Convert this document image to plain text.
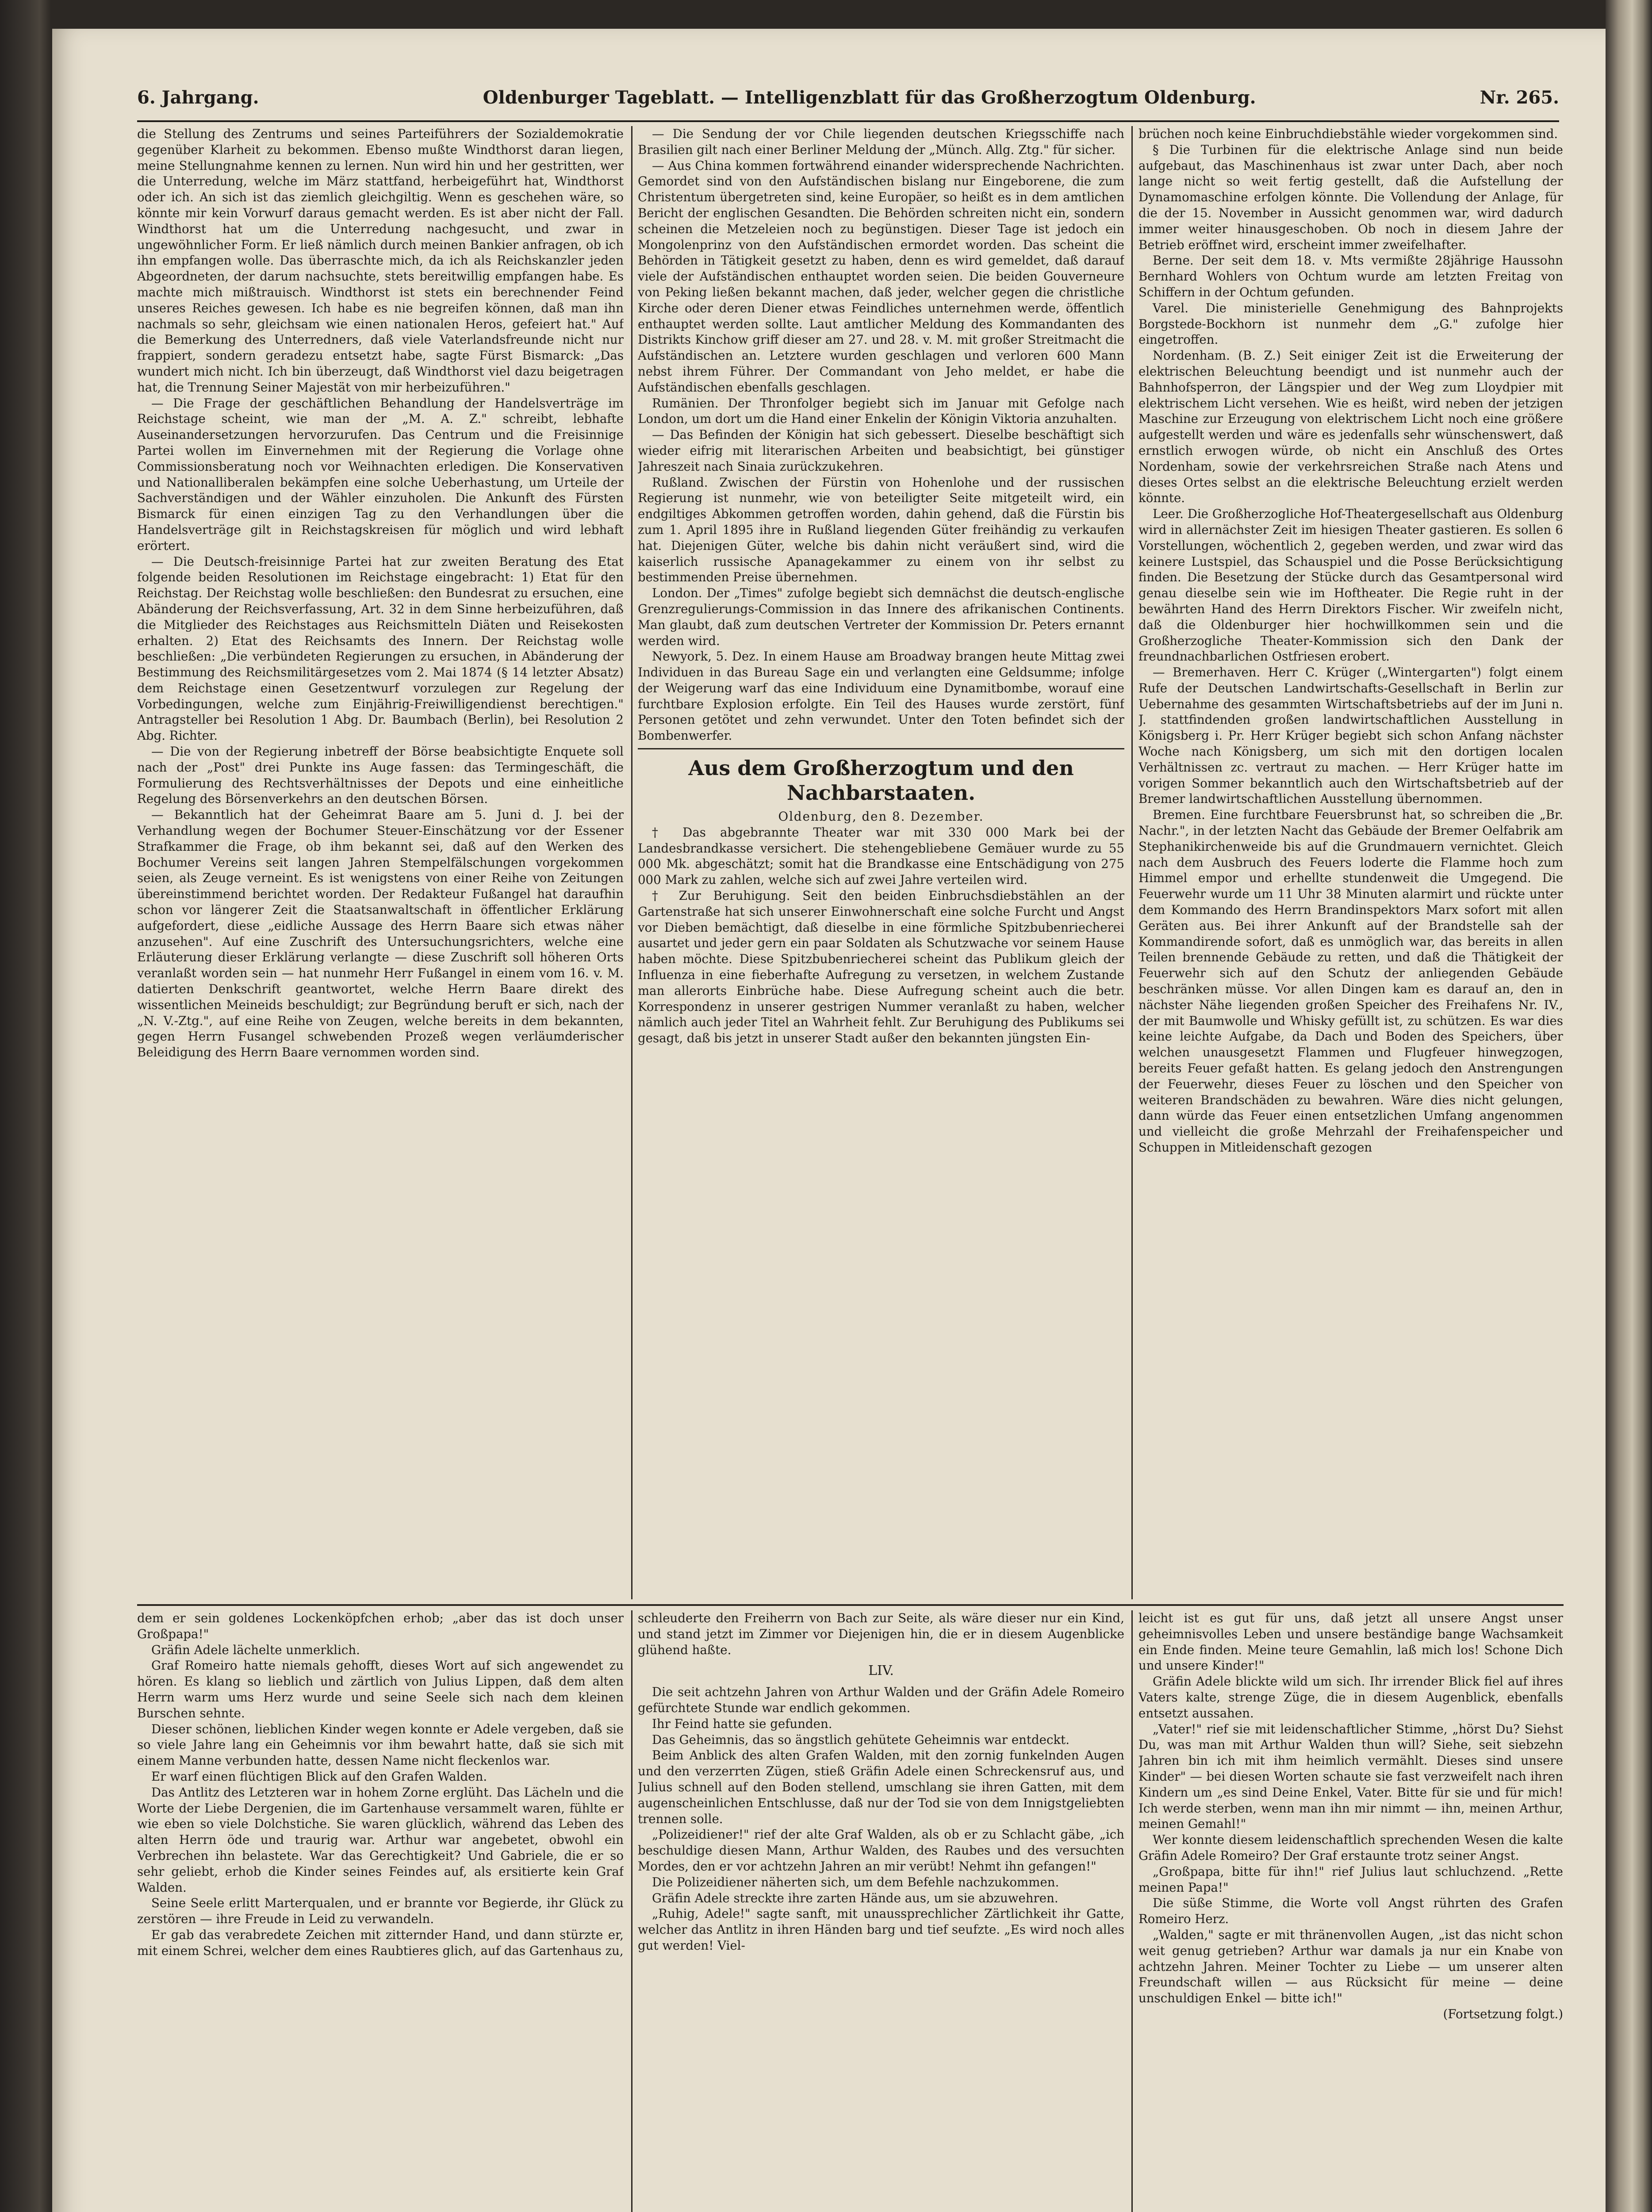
6. Jahrgang.	Oldenburger Tageblatt. — Intelligenzblatt für das Großherzogtum Oldenburg.	Nr. 265.

die Stellung des Zentrums und seines Parteiführers der Sozialdemokratie gegenüber Klarheit zu bekommen. Ebenso mußte Windthorst daran liegen, meine Stellungnahme kennen zu lernen. Nun wird hin und her gestritten, wer die Unterredung, welche im März stattfand, herbeigeführt hat, Windthorst oder ich. An sich ist das ziemlich gleichgiltig. Wenn es geschehen wäre, so könnte mir kein Vorwurf daraus gemacht werden. Es ist aber nicht der Fall. Windthorst hat um die Unterredung nachgesucht, und zwar in ungewöhnlicher Form. Er ließ nämlich durch meinen Bankier anfragen, ob ich ihn empfangen wolle. Das überraschte mich, da ich als Reichskanzler jeden Abgeordneten, der darum nachsuchte, stets bereitwillig empfangen habe. Es machte mich mißtrauisch. Windthorst ist stets ein berechnender Feind unseres Reiches gewesen. Ich habe es nie begreifen können, daß man ihn nachmals so sehr, gleichsam wie einen nationalen Heros, gefeiert hat." Auf die Bemerkung des Unterredners, daß viele Vaterlandsfreunde nicht nur frappiert, sondern geradezu entsetzt habe, sagte Fürst Bismarck: „Das wundert mich nicht. Ich bin überzeugt, daß Windthorst viel dazu beigetragen hat, die Trennung Seiner Majestät von mir herbeizuführen."

— Die Frage der geschäftlichen Behandlung der Handelsverträge im Reichstage scheint, wie man der „M. A. Z." schreibt, lebhafte Auseinandersetzungen hervorzurufen. Das Centrum und die Freisinnige Partei wollen im Einvernehmen mit der Regierung die Vorlage ohne Commissionsberatung noch vor Weihnachten erledigen. Die Konservativen und Nationalliberalen bekämpfen eine solche Ueberhastung, um Urteile der Sachverständigen und der Wähler einzuholen. Die Ankunft des Fürsten Bismarck für einen einzigen Tag zu den Verhandlungen über die Handelsverträge gilt in Reichstagskreisen für möglich und wird lebhaft erörtert.

— Die Deutsch-freisinnige Partei hat zur zweiten Beratung des Etat folgende beiden Resolutionen im Reichstage eingebracht: 1) Etat für den Reichstag. Der Reichstag wolle beschließen: den Bundesrat zu ersuchen, eine Abänderung der Reichsverfassung, Art. 32 in dem Sinne herbeizuführen, daß die Mitglieder des Reichstages aus Reichsmitteln Diäten und Reisekosten erhalten. 2) Etat des Reichsamts des Innern. Der Reichstag wolle beschließen: „Die verbündeten Regierungen zu ersuchen, in Abänderung der Bestimmung des Reichsmilitärgesetzes vom 2. Mai 1874 (§ 14 letzter Absatz) dem Reichstage einen Gesetzentwurf vorzulegen zur Regelung der Vorbedingungen, welche zum Einjährig-Freiwilligendienst berechtigen." Antragsteller bei Resolution 1 Abg. Dr. Baumbach (Berlin), bei Resolution 2 Abg. Richter.

— Die von der Regierung inbetreff der Börse beabsichtigte Enquete soll nach der „Post" drei Punkte ins Auge fassen: das Termingeschäft, die Formulierung des Rechtsverhältnisses der Depots und eine einheitliche Regelung des Börsenverkehrs an den deutschen Börsen.

— Bekanntlich hat der Geheimrat Baare am 5. Juni d. J. bei der Verhandlung wegen der Bochumer Steuer-Einschätzung vor der Essener Strafkammer die Frage, ob ihm bekannt sei, daß auf den Werken des Bochumer Vereins seit langen Jahren Stempelfälschungen vorgekommen seien, als Zeuge verneint. Es ist wenigstens von einer Reihe von Zeitungen übereinstimmend berichtet worden. Der Redakteur Fußangel hat daraufhin schon vor längerer Zeit die Staatsanwaltschaft in öffentlicher Erklärung aufgefordert, diese „eidliche Aussage des Herrn Baare sich etwas näher anzusehen". Auf eine Zuschrift des Untersuchungsrichters, welche eine Erläuterung dieser Erklärung verlangte — diese Zuschrift soll höheren Orts veranlaßt worden sein — hat nunmehr Herr Fußangel in einem vom 16. v. M. datierten Denkschrift geantwortet, welche Herrn Baare direkt des wissentlichen Meineids beschuldigt; zur Begründung beruft er sich, nach der „N. V.-Ztg.", auf eine Reihe von Zeugen, welche bereits in dem bekannten, gegen Herrn Fusangel schwebenden Prozeß wegen verläumderischer Beleidigung des Herrn Baare vernommen worden sind.

— Die Sendung der vor Chile liegenden deutschen Kriegsschiffe nach Brasilien gilt nach einer Berliner Meldung der „Münch. Allg. Ztg." für sicher.

— Aus China kommen fortwährend einander widersprechende Nachrichten. Gemordet sind von den Aufständischen bislang nur Eingeborene, die zum Christentum übergetreten sind, keine Europäer, so heißt es in dem amtlichen Bericht der englischen Gesandten. Die Behörden schreiten nicht ein, sondern scheinen die Metzeleien noch zu begünstigen. Dieser Tage ist jedoch ein Mongolenprinz von den Aufständischen ermordet worden. Das scheint die Behörden in Tätigkeit gesetzt zu haben, denn es wird gemeldet, daß darauf viele der Aufständischen enthauptet worden seien. Die beiden Gouverneure von Peking ließen bekannt machen, daß jeder, welcher gegen die christliche Kirche oder deren Diener etwas Feindliches unternehmen werde, öffentlich enthauptet werden sollte. Laut amtlicher Meldung des Kommandanten des Distrikts Kinchow griff dieser am 27. und 28. v. M. mit großer Streitmacht die Aufständischen an. Letztere wurden geschlagen und verloren 600 Mann nebst ihrem Führer. Der Commandant von Jeho meldet, er habe die Aufständischen ebenfalls geschlagen.

Rumänien. Der Thronfolger begiebt sich im Januar mit Gefolge nach London, um dort um die Hand einer Enkelin der Königin Viktoria anzuhalten.

— Das Befinden der Königin hat sich gebessert. Dieselbe beschäftigt sich wieder eifrig mit literarischen Arbeiten und beabsichtigt, bei günstiger Jahreszeit nach Sinaia zurückzukehren.

Rußland. Zwischen der Fürstin von Hohenlohe und der russischen Regierung ist nunmehr, wie von beteiligter Seite mitgeteilt wird, ein endgiltiges Abkommen getroffen worden, dahin gehend, daß die Fürstin bis zum 1. April 1895 ihre in Rußland liegenden Güter freihändig zu verkaufen hat. Diejenigen Güter, welche bis dahin nicht veräußert sind, wird die kaiserlich russische Apanagekammer zu einem von ihr selbst zu bestimmenden Preise übernehmen.

London. Der „Times" zufolge begiebt sich demnächst die deutsch-englische Grenzregulierungs-Commission in das Innere des afrikanischen Continents. Man glaubt, daß zum deutschen Vertreter der Kommission Dr. Peters ernannt werden wird.

Newyork, 5. Dez. In einem Hause am Broadway brangen heute Mittag zwei Individuen in das Bureau Sage ein und verlangten eine Geldsumme; infolge der Weigerung warf das eine Individuum eine Dynamitbombe, worauf eine furchtbare Explosion erfolgte. Ein Teil des Hauses wurde zerstört, fünf Personen getötet und zehn verwundet. Unter den Toten befindet sich der Bombenwerfer.

Aus dem Großherzogtum und den Nachbarstaaten.

Oldenburg, den 8. Dezember.

† Das abgebrannte Theater war mit 330 000 Mark bei der Landesbrandkasse versichert. Die stehengebliebene Gemäuer wurde zu 55 000 Mk. abgeschätzt; somit hat die Brandkasse eine Entschädigung von 275 000 Mark zu zahlen, welche sich auf zwei Jahre verteilen wird.

† Zur Beruhigung. Seit den beiden Einbruchsdiebstählen an der Gartenstraße hat sich unserer Einwohnerschaft eine solche Furcht und Angst vor Dieben bemächtigt, daß dieselbe in eine förmliche Spitzbubenriecherei ausartet und jeder gern ein paar Soldaten als Schutzwache vor seinem Hause haben möchte. Diese Spitzbubenriecherei scheint das Publikum gleich der Influenza in eine fieberhafte Aufregung zu versetzen, in welchem Zustande man allerorts Einbrüche habe. Diese Aufregung scheint auch die betr. Korrespondenz in unserer gestrigen Nummer veranlaßt zu haben, welcher nämlich auch jeder Titel an Wahrheit fehlt. Zur Beruhigung des Publikums sei gesagt, daß bis jetzt in unserer Stadt außer den bekannten jüngsten Ein-

brüchen noch keine Einbruchdiebstähle wieder vorgekommen sind.

§ Die Turbinen für die elektrische Anlage sind nun beide aufgebaut, das Maschinenhaus ist zwar unter Dach, aber noch lange nicht so weit fertig gestellt, daß die Aufstellung der Dynamomaschine erfolgen könnte. Die Vollendung der Anlage, für die der 15. November in Aussicht genommen war, wird dadurch immer weiter hinausgeschoben. Ob noch in diesem Jahre der Betrieb eröffnet wird, erscheint immer zweifelhafter.

Berne. Der seit dem 18. v. Mts vermißte 28jährige Haussohn Bernhard Wohlers von Ochtum wurde am letzten Freitag von Schiffern in der Ochtum gefunden.

Varel. Die ministerielle Genehmigung des Bahnprojekts Borgstede-Bockhorn ist nunmehr dem „G." zufolge hier eingetroffen.

Nordenham. (B. Z.) Seit einiger Zeit ist die Erweiterung der elektrischen Beleuchtung beendigt und ist nunmehr auch der Bahnhofsperron, der Längspier und der Weg zum Lloydpier mit elektrischem Licht versehen. Wie es heißt, wird neben der jetzigen Maschine zur Erzeugung von elektrischem Licht noch eine größere aufgestellt werden und wäre es jedenfalls sehr wünschenswert, daß ernstlich erwogen würde, ob nicht ein Anschluß des Ortes Nordenham, sowie der verkehrsreichen Straße nach Atens und dieses Ortes selbst an die elektrische Beleuchtung erzielt werden könnte.

Leer. Die Großherzogliche Hof-Theatergesellschaft aus Oldenburg wird in allernächster Zeit im hiesigen Theater gastieren. Es sollen 6 Vorstellungen, wöchentlich 2, gegeben werden, und zwar wird das keinere Lustspiel, das Schauspiel und die Posse Berücksichtigung finden. Die Besetzung der Stücke durch das Gesamtpersonal wird genau dieselbe sein wie im Hoftheater. Die Regie ruht in der bewährten Hand des Herrn Direktors Fischer. Wir zweifeln nicht, daß die Oldenburger hier hochwillkommen sein und die Großherzogliche Theater-Kommission sich den Dank der freundnachbarlichen Ostfriesen erobert.

— Bremerhaven. Herr C. Krüger („Wintergarten") folgt einem Rufe der Deutschen Landwirtschafts-Gesellschaft in Berlin zur Uebernahme des gesammten Wirtschaftsbetriebs auf der im Juni n. J. stattfindenden großen landwirtschaftlichen Ausstellung in Königsberg i. Pr. Herr Krüger begiebt sich schon Anfang nächster Woche nach Königsberg, um sich mit den dortigen localen Verhältnissen zc. vertraut zu machen. — Herr Krüger hatte im vorigen Sommer bekanntlich auch den Wirtschaftsbetrieb auf der Bremer landwirtschaftlichen Ausstellung übernommen.

Bremen. Eine furchtbare Feuersbrunst hat, so schreiben die „Br. Nachr.", in der letzten Nacht das Gebäude der Bremer Oelfabrik am Stephanikirchenweide bis auf die Grundmauern vernichtet. Gleich nach dem Ausbruch des Feuers loderte die Flamme hoch zum Himmel empor und erhellte stundenweit die Umgegend. Die Feuerwehr wurde um 11 Uhr 38 Minuten alarmirt und rückte unter dem Kommando des Herrn Brandinspektors Marx sofort mit allen Geräten aus. Bei ihrer Ankunft auf der Brandstelle sah der Kommandirende sofort, daß es unmöglich war, das bereits in allen Teilen brennende Gebäude zu retten, und daß die Thätigkeit der Feuerwehr sich auf den Schutz der anliegenden Gebäude beschränken müsse. Vor allen Dingen kam es darauf an, den in nächster Nähe liegenden großen Speicher des Freihafens Nr. IV., der mit Baumwolle und Whisky gefüllt ist, zu schützen. Es war dies keine leichte Aufgabe, da Dach und Boden des Speichers, über welchen unausgesetzt Flammen und Flugfeuer hinwegzogen, bereits Feuer gefaßt hatten. Es gelang jedoch den Anstrengungen der Feuerwehr, dieses Feuer zu löschen und den Speicher von weiteren Brandschäden zu bewahren. Wäre dies nicht gelungen, dann würde das Feuer einen entsetzlichen Umfang angenommen und vielleicht die große Mehrzahl der Freihafenspeicher und Schuppen in Mitleidenschaft gezogen

dem er sein goldenes Lockenköpfchen erhob; „aber das ist doch unser Großpapa!"

Gräfin Adele lächelte unmerklich.

Graf Romeiro hatte niemals gehofft, dieses Wort auf sich angewendet zu hören. Es klang so lieblich und zärtlich von Julius Lippen, daß dem alten Herrn warm ums Herz wurde und seine Seele sich nach dem kleinen Burschen sehnte.

Dieser schönen, lieblichen Kinder wegen konnte er Adele vergeben, daß sie so viele Jahre lang ein Geheimnis vor ihm bewahrt hatte, daß sie sich mit einem Manne verbunden hatte, dessen Name nicht fleckenlos war.

Er warf einen flüchtigen Blick auf den Grafen Walden.

Das Antlitz des Letzteren war in hohem Zorne erglüht. Das Lächeln und die Worte der Liebe Dergenien, die im Gartenhause versammelt waren, fühlte er wie eben so viele Dolchstiche. Sie waren glücklich, während das Leben des alten Herrn öde und traurig war. Arthur war angebetet, obwohl ein Verbrechen ihn belastete. War das Gerechtigkeit? Und Gabriele, die er so sehr geliebt, erhob die Kinder seines Feindes auf, als ersitierte kein Graf Walden.

Seine Seele erlitt Marterqualen, und er brannte vor Begierde, ihr Glück zu zerstören — ihre Freude in Leid zu verwandeln.

Er gab das verabredete Zeichen mit zitternder Hand, und dann stürzte er, mit einem Schrei, welcher dem eines Raubtieres glich, auf das Gartenhaus zu,

schleuderte den Freiherrn von Bach zur Seite, als wäre dieser nur ein Kind, und stand jetzt im Zimmer vor Diejenigen hin, die er in diesem Augenblicke glühend haßte.

LIV.

Die seit achtzehn Jahren von Arthur Walden und der Gräfin Adele Romeiro gefürchtete Stunde war endlich gekommen.

Ihr Feind hatte sie gefunden.

Das Geheimnis, das so ängstlich gehütete Geheimnis war entdeckt.

Beim Anblick des alten Grafen Walden, mit den zornig funkelnden Augen und den verzerrten Zügen, stieß Gräfin Adele einen Schreckensruf aus, und Julius schnell auf den Boden stellend, umschlang sie ihren Gatten, mit dem augenscheinlichen Entschlusse, daß nur der Tod sie von dem Innigstgeliebten trennen solle.

„Polizeidiener!" rief der alte Graf Walden, als ob er zu Schlacht gäbe, „ich beschuldige diesen Mann, Arthur Walden, des Raubes und des versuchten Mordes, den er vor achtzehn Jahren an mir verübt! Nehmt ihn gefangen!"

Die Polizeidiener näherten sich, um dem Befehle nachzukommen.

Gräfin Adele streckte ihre zarten Hände aus, um sie abzuwehren.

„Ruhig, Adele!" sagte sanft, mit unaussprechlicher Zärtlichkeit ihr Gatte, welcher das Antlitz in ihren Händen barg und tief seufzte. „Es wird noch alles gut werden! Viel-

leicht ist es gut für uns, daß jetzt all unsere Angst unser geheimnisvolles Leben und unsere beständige bange Wachsamkeit ein Ende finden. Meine teure Gemahlin, laß mich los! Schone Dich und unsere Kinder!"

Gräfin Adele blickte wild um sich. Ihr irrender Blick fiel auf ihres Vaters kalte, strenge Züge, die in diesem Augenblick, ebenfalls entsetzt aussahen.

„Vater!" rief sie mit leidenschaftlicher Stimme, „hörst Du? Siehst Du, was man mit Arthur Walden thun will? Siehe, seit siebzehn Jahren bin ich mit ihm heimlich vermählt. Dieses sind unsere Kinder" — bei diesen Worten schaute sie fast verzweifelt nach ihren Kindern um „es sind Deine Enkel, Vater. Bitte für sie und für mich! Ich werde sterben, wenn man ihn mir nimmt — ihn, meinen Arthur, meinen Gemahl!"

Wer konnte diesem leidenschaftlich sprechenden Wesen die kalte Gräfin Adele Romeiro? Der Graf erstaunte trotz seiner Angst.

„Großpapa, bitte für ihn!" rief Julius laut schluchzend. „Rette meinen Papa!"

Die süße Stimme, die Worte voll Angst rührten des Grafen Romeiro Herz.

„Walden," sagte er mit thränenvollen Augen, „ist das nicht schon weit genug getrieben? Arthur war damals ja nur ein Knabe von achtzehn Jahren. Meiner Tochter zu Liebe — um unserer alten Freundschaft willen — aus Rücksicht für meine — deine unschuldigen Enkel — bitte ich!"

(Fortsetzung folgt.)
